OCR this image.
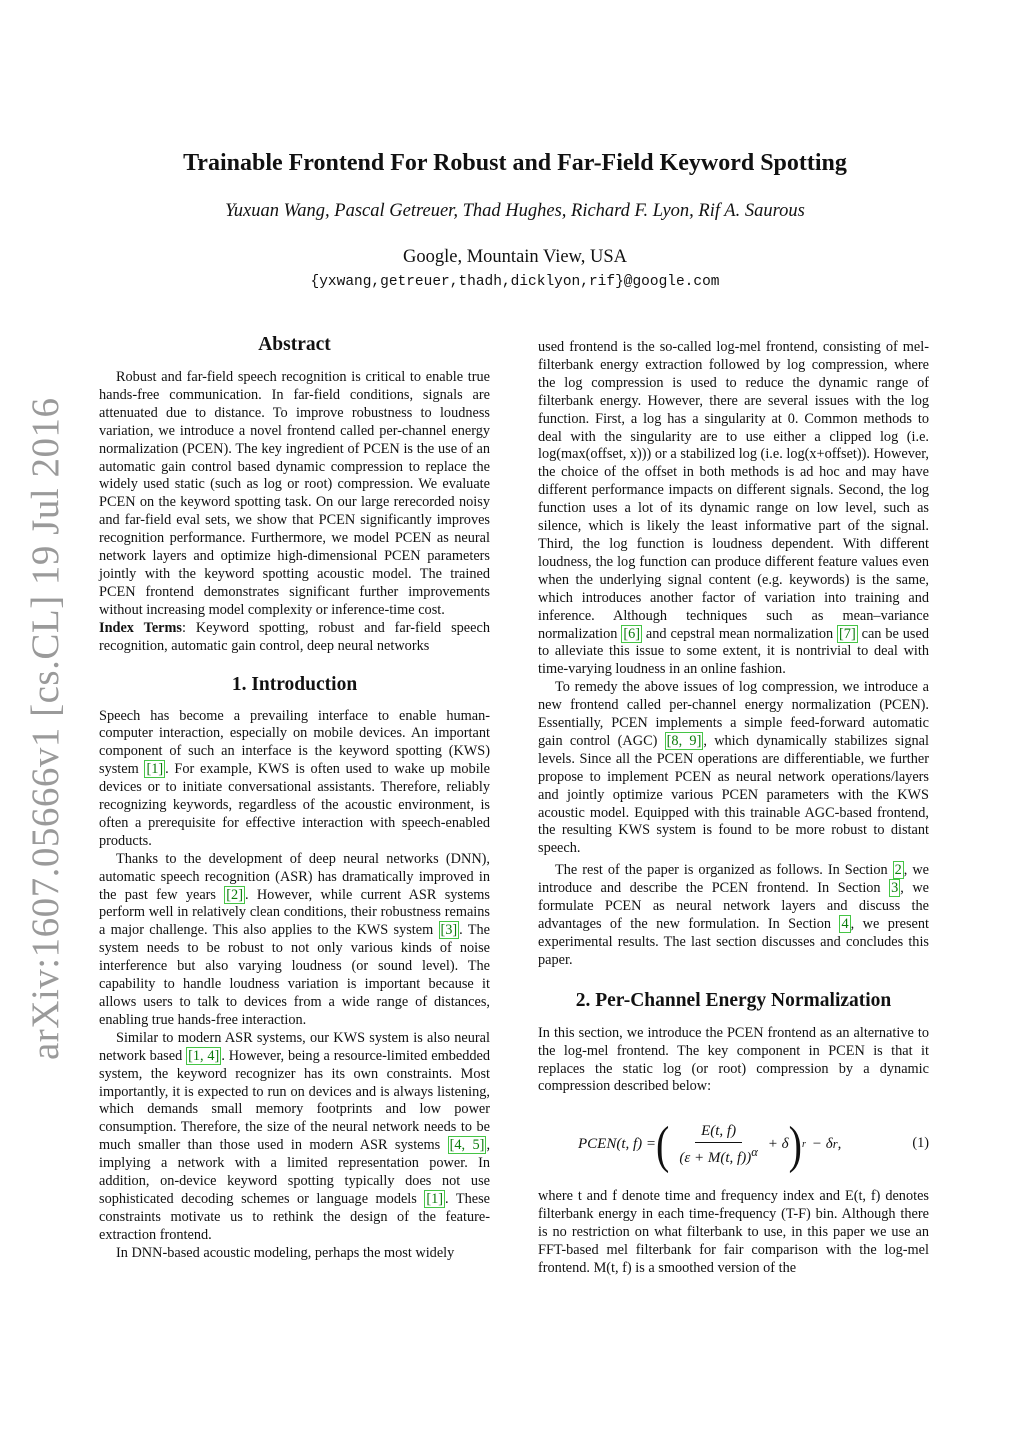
arXiv:1607.05666v1 [cs.CL] 19 Jul 2016
Trainable Frontend For Robust and Far-Field Keyword Spotting
Yuxuan Wang, Pascal Getreuer, Thad Hughes, Richard F. Lyon, Rif A. Saurous
Google, Mountain View, USA
{yxwang,getreuer,thadh,dicklyon,rif}@google.com
Abstract

Robust and far-field speech recognition is critical to enable true hands-free communication. In far-field conditions, signals are attenuated due to distance. To improve robustness to loudness variation, we introduce a novel frontend called per-channel energy normalization (PCEN). The key ingredient of PCEN is the use of an automatic gain control based dynamic compression to replace the widely used static (such as log or root) compression. We evaluate PCEN on the keyword spotting task. On our large rerecorded noisy and far-field eval sets, we show that PCEN significantly improves recognition performance. Furthermore, we model PCEN as neural network layers and optimize high-dimensional PCEN parameters jointly with the keyword spotting acoustic model. The trained PCEN frontend demonstrates significant further improvements without increasing model complexity or inference-time cost.

Index Terms: Keyword spotting, robust and far-field speech recognition, automatic gain control, deep neural networks

1. Introduction

Speech has become a prevailing interface to enable human-computer interaction, especially on mobile devices. An important component of such an interface is the keyword spotting (KWS) system [1] . For example, KWS is often used to wake up mobile devices or to initiate conversational assistants. Therefore, reliably recognizing keywords, regardless of the acoustic environment, is often a prerequisite for effective interaction with speech-enabled products.

Thanks to the development of deep neural networks (DNN), automatic speech recognition (ASR) has dramatically improved in the past few years [2] . However, while current ASR systems perform well in relatively clean conditions, their robustness remains a major challenge. This also applies to the KWS system [3] . The system needs to be robust to not only various kinds of noise interference but also varying loudness (or sound level). The capability to handle loudness variation is important because it allows users to talk to devices from a wide range of distances, enabling true hands-free interaction.

Similar to modern ASR systems, our KWS system is also neural network based [1, 4] . However, being a resource-limited embedded system, the keyword recognizer has its own constraints. Most importantly, it is expected to run on devices and is always listening, which demands small memory footprints and low power consumption. Therefore, the size of the neural network needs to be much smaller than those used in modern ASR systems [4, 5] , implying a network with a limited representation power. In addition, on-device keyword spotting typically does not use sophisticated decoding schemes or language models [1] . These constraints motivate us to rethink the design of the feature-extraction frontend.

In DNN-based acoustic modeling, perhaps the most widely

used frontend is the so-called log-mel frontend, consisting of mel-filterbank energy extraction followed by log compression, where the log compression is used to reduce the dynamic range of filterbank energy. However, there are several issues with the log function. First, a log has a singularity at 0. Common methods to deal with the singularity are to use either a clipped log (i.e. log(max(offset, x))) or a stabilized log (i.e. log(x+offset)). However, the choice of the offset in both methods is ad hoc and may have different performance impacts on different signals. Second, the log function uses a lot of its dynamic range on low level, such as silence, which is likely the least informative part of the signal. Third, the log function is loudness dependent. With different loudness, the log function can produce different feature values even when the underlying signal content (e.g. keywords) is the same, which introduces another factor of variation into training and inference. Although techniques such as mean–variance normalization [6] and cepstral mean normalization [7] can be used to alleviate this issue to some extent, it is nontrivial to deal with time-varying loudness in an online fashion.

To remedy the above issues of log compression, we introduce a new frontend called per-channel energy normalization (PCEN). Essentially, PCEN implements a simple feed-forward automatic gain control (AGC) [8, 9] , which dynamically stabilizes signal levels. Since all the PCEN operations are differentiable, we further propose to implement PCEN as neural network operations/layers and jointly optimize various PCEN parameters with the KWS acoustic model. Equipped with this trainable AGC-based frontend, the resulting KWS system is found to be more robust to distant speech.

The rest of the paper is organized as follows. In Section 2 , we introduce and describe the PCEN frontend. In Section 3 , we formulate PCEN as neural network layers and discuss the advantages of the new formulation. In Section 4 , we present experimental results. The last section discusses and concludes this paper.

2. Per-Channel Energy Normalization

In this section, we introduce the PCEN frontend as an alternative to the log-mel frontend. The key component in PCEN is that it replaces the static log (or root) compression by a dynamic compression described below:

PCEN(t, f) = ( $\frac{E(t, f)}{(\varepsilon + M(t, f))^\alpha} + \delta$ ) r − δ r ,	(1)

where t and f denote time and frequency index and E(t, f) denotes filterbank energy in each time-frequency (T-F) bin. Although there is no restriction on what filterbank to use, in this paper we use an FFT-based mel filterbank for fair comparison with the log-mel frontend. M(t, f) is a smoothed version of the
